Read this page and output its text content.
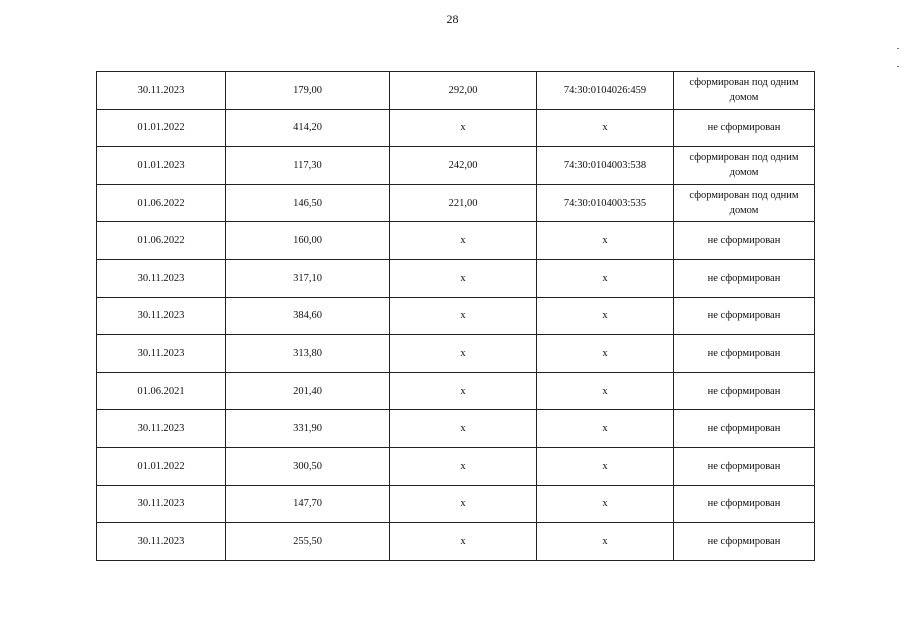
28
30.11.2023	179,00	292,00	74:30:0104026:459	сформирован под одним домом
01.01.2022	414,20	х	х	не сформирован
01.01.2023	117,30	242,00	74:30:0104003:538	сформирован под одним домом
01.06.2022	146,50	221,00	74:30:0104003:535	сформирован под одним домом
01.06.2022	160,00	х	х	не сформирован
30.11.2023	317,10	х	х	не сформирован
30.11.2023	384,60	х	х	не сформирован
30.11.2023	313,80	х	х	не сформирован
01.06.2021	201,40	х	х	не сформирован
30.11.2023	331,90	х	х	не сформирован
01.01.2022	300,50	х	х	не сформирован
30.11.2023	147,70	х	х	не сформирован
30.11.2023	255,50	х	х	не сформирован
